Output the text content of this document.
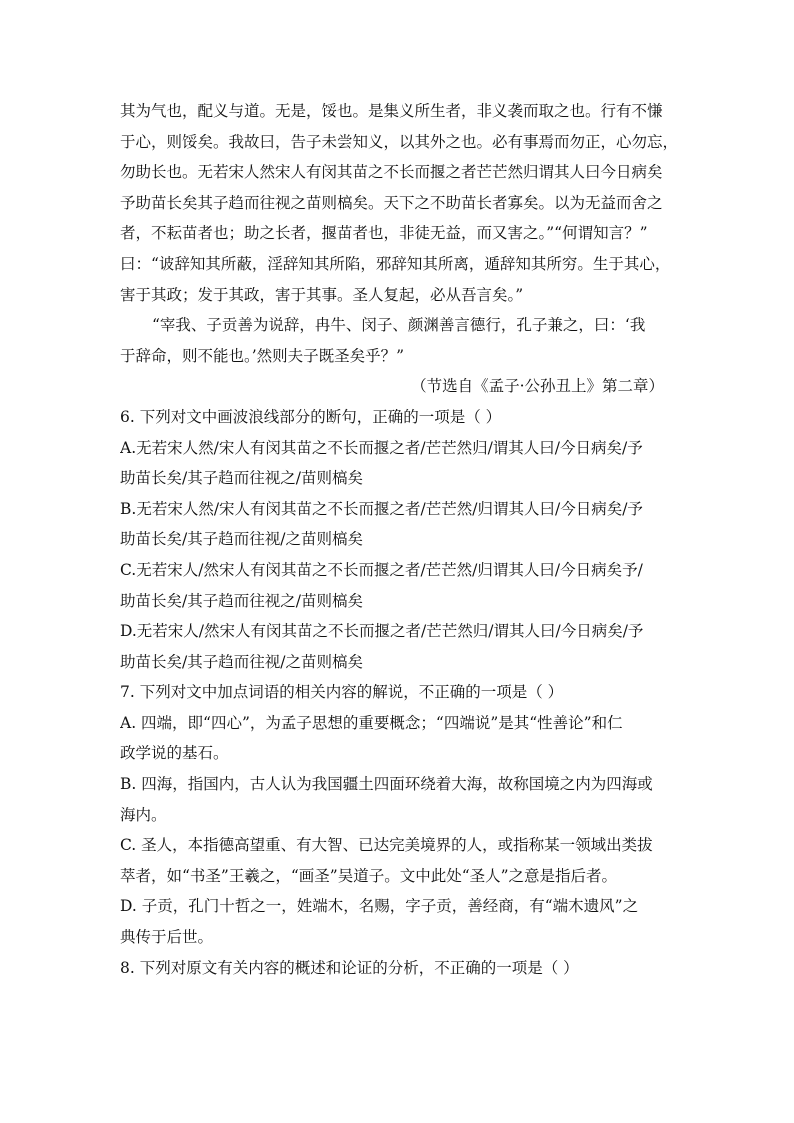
其为气也，配义与道。无是，馁也。是集义所生者，非义袭而取之也。行有不慊
于心，则馁矣。我故曰，告子未尝知义，以其外之也。必有事焉而勿正，心勿忘，
勿助长也。无若宋人然宋人有闵其苗之不长而揠之者芒芒然归谓其人曰今日病矣
予助苗长矣其子趋而往视之苗则槁矣。天下之不助苗长者寡矣。以为无益而舍之
者，不耘苗者也；助之长者，揠苗者也，非徒无益，而又害之。”“何谓知言？”
曰：“诐辞知其所蔽，淫辞知其所陷，邪辞知其所离，遁辞知其所穷。生于其心，
害于其政；发于其政，害于其事。圣人复起，必从吾言矣。”
“宰我、子贡善为说辞，冉牛、闵子、颜渊善言德行，孔子兼之，曰：‘我
于辞命，则不能也。’然则夫子既圣矣乎？”
（节选自《孟子·公孙丑上》第二章）
6. 下列对文中画波浪线部分的断句，正确的一项是（ ）
A.无若宋人然/宋人有闵其苗之不长而揠之者/芒芒然归/谓其人曰/今日病矣/予
助苗长矣/其子趋而往视之/苗则槁矣
B.无若宋人然/宋人有闵其苗之不长而揠之者/芒芒然/归谓其人曰/今日病矣/予
助苗长矣/其子趋而往视/之苗则槁矣
C.无若宋人/然宋人有闵其苗之不长而揠之者/芒芒然/归谓其人曰/今日病矣予/
助苗长矣/其子趋而往视之/苗则槁矣
D.无若宋人/然宋人有闵其苗之不长而揠之者/芒芒然归/谓其人曰/今日病矣/予
助苗长矣/其子趋而往视/之苗则槁矣
7. 下列对文中加点词语的相关内容的解说，不正确的一项是（ ）
A. 四端，即“四心”，为孟子思想的重要概念；“四端说”是其“性善论”和仁
政学说的基石。
B. 四海，指国内，古人认为我国疆土四面环绕着大海，故称国境之内为四海或
海内。
C. 圣人，本指德高望重、有大智、已达完美境界的人，或指称某一领域出类拔
萃者，如“书圣”王羲之，“画圣”吴道子。文中此处“圣人”之意是指后者。
D. 子贡，孔门十哲之一，姓端木，名赐，字子贡，善经商，有“端木遗风”之
典传于后世。
8. 下列对原文有关内容的概述和论证的分析，不正确的一项是（ ）
